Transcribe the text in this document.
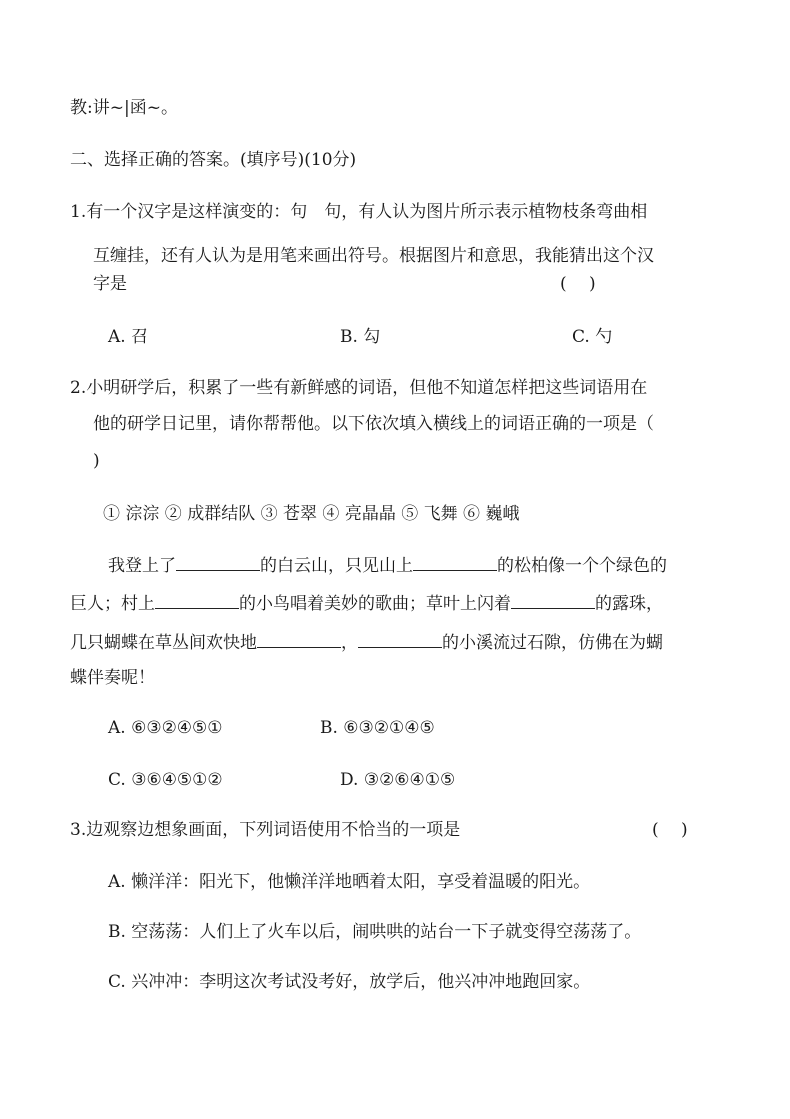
教:讲~|函~。
二、选择正确的答案。(填序号)(10分)
1.有一个汉字是这样演变的：句　句，有人认为图片所示表示植物枝条弯曲相
互缠挂，还有人认为是用笔来画出符号。根据图片和意思，我能猜出这个汉
字是	(　 )
A. 召	B. 勾	C. 勺
2.小明研学后，积累了一些有新鲜感的词语，但他不知道怎样把这些词语用在
他的研学日记里，请你帮帮他。以下依次填入横线上的词语正确的一项是（
)
① 淙淙 ② 成群结队 ③ 苍翠 ④ 亮晶晶 ⑤ 飞舞 ⑥ 巍峨
我登上了	的白云山，只见山上	的松柏像一个个绿色的
巨人；村上	的小鸟唱着美妙的歌曲；草叶上闪着	的露珠，
几只蝴蝶在草丛间欢快地	，	的小溪流过石隙，仿佛在为蝴
蝶伴奏呢！
A. ⑥③②④⑤①	B. ⑥③②①④⑤
C. ③⑥④⑤①②	D. ③②⑥④①⑤
3.边观察边想象画面，下列词语使用不恰当的一项是	(　 )
A. 懒洋洋：阳光下，他懒洋洋地晒着太阳，享受着温暖的阳光。
B. 空荡荡：人们上了火车以后，闹哄哄的站台一下子就变得空荡荡了。
C. 兴冲冲：李明这次考试没考好，放学后，他兴冲冲地跑回家。
